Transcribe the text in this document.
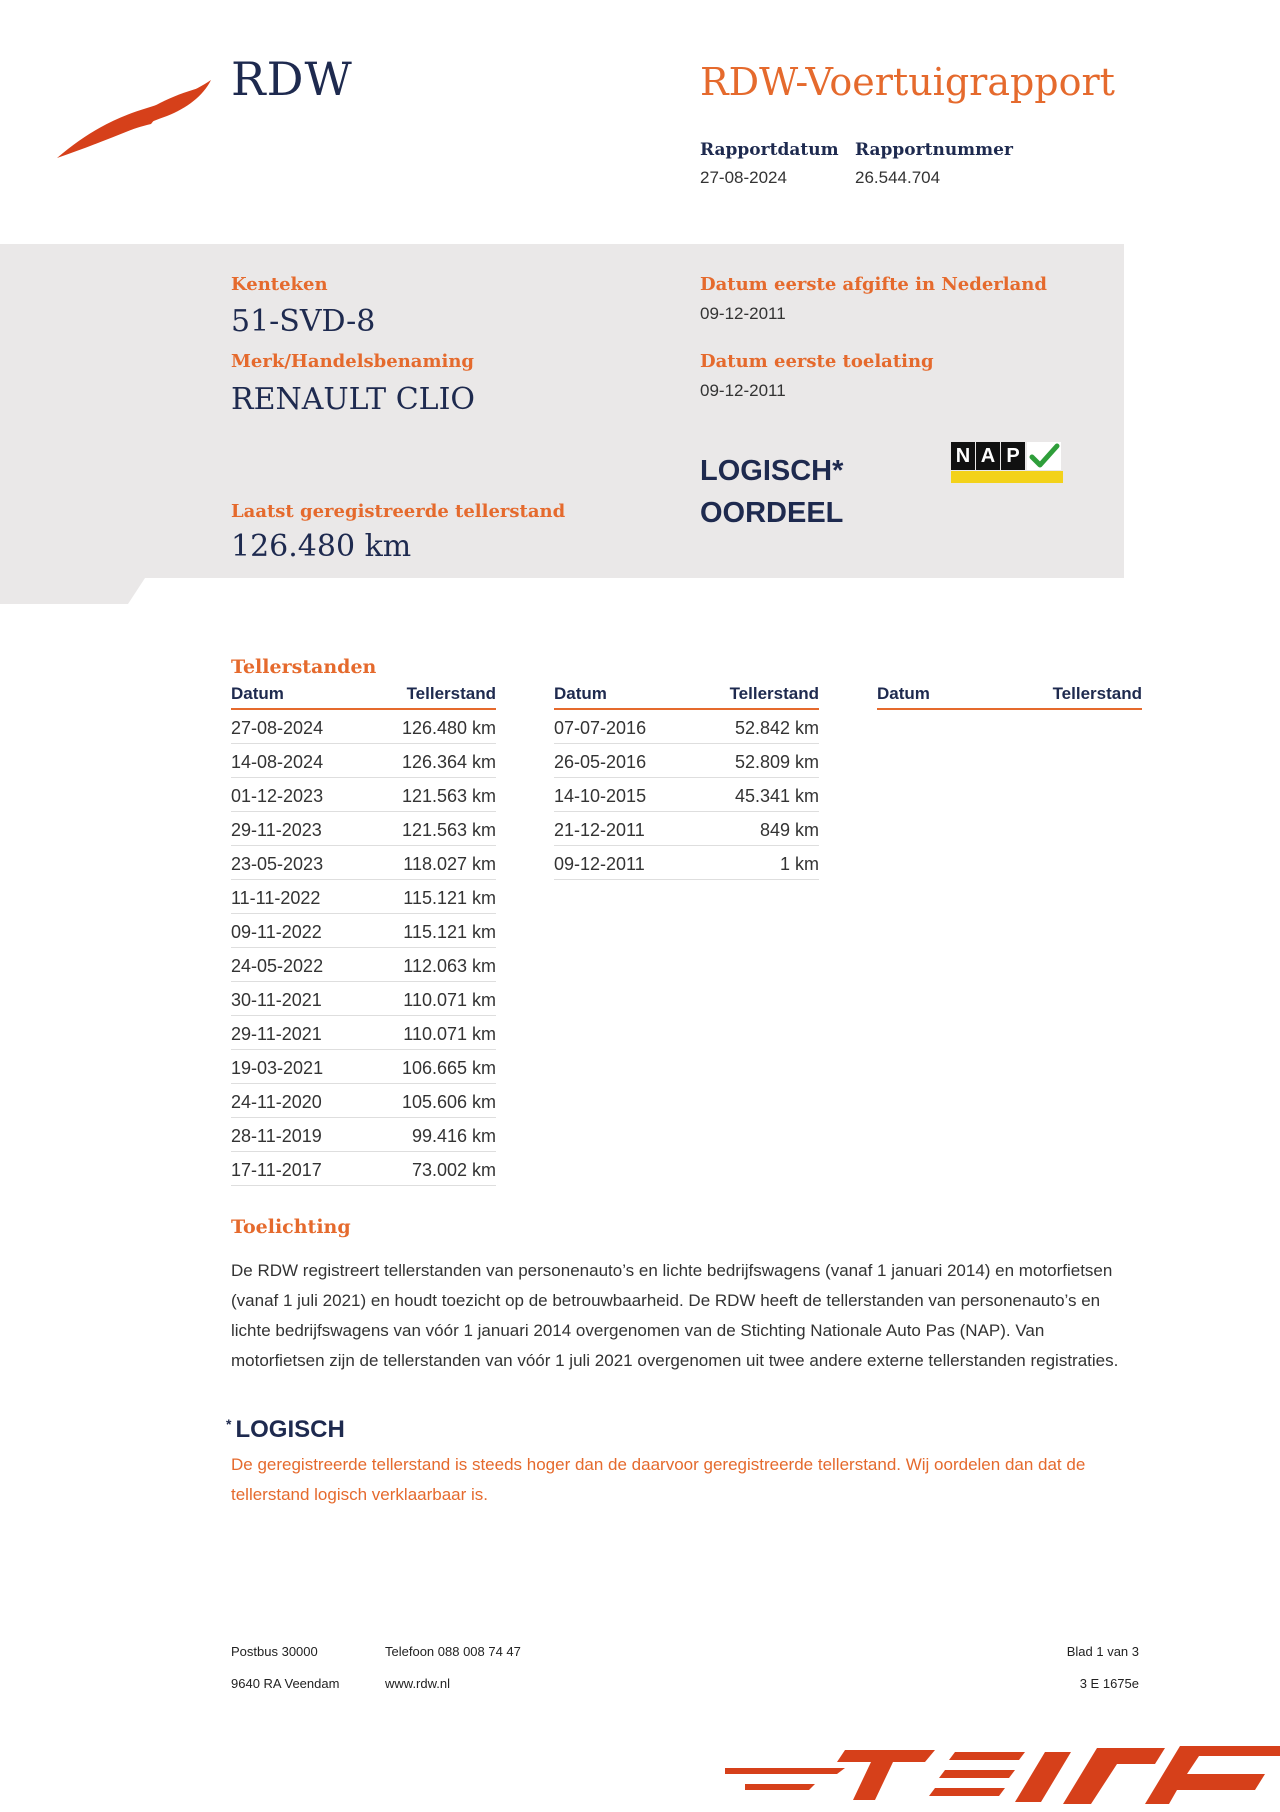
RDW	RDW-Voertuigrapport
Rapportdatum
27-08-2024
Rapportnummer
26.544.704
Kenteken
51-SVD-8
Merk/Handelsbenaming
RENAULT CLIO
Laatst geregistreerde tellerstand
126.480 km
Datum eerste afgifte in Nederland
09-12-2011
Datum eerste toelating
09-12-2011
LOGISCH*
OORDEEL
N A P
Tellerstanden
Datum	Tellerstand
27-08-2024	126.480 km
14-08-2024	126.364 km
01-12-2023	121.563 km
29-11-2023	121.563 km
23-05-2023	118.027 km
11-11-2022	115.121 km
09-11-2022	115.121 km
24-05-2022	112.063 km
30-11-2021	110.071 km
29-11-2021	110.071 km
19-03-2021	106.665 km
24-11-2020	105.606 km
28-11-2019	99.416 km
17-11-2017	73.002 km
Datum	Tellerstand
07-07-2016	52.842 km
26-05-2016	52.809 km
14-10-2015	45.341 km
21-12-2011	849 km
09-12-2011	1 km
Datum	Tellerstand
Toelichting
De RDW registreert tellerstanden van personenauto’s en lichte bedrijfswagens (vanaf 1 januari 2014) en motorfietsen (vanaf 1 juli 2021) en houdt toezicht op de betrouwbaarheid. De RDW heeft de tellerstanden van personenauto’s en lichte bedrijfswagens van vóór 1 januari 2014 overgenomen van de Stichting Nationale Auto Pas (NAP). Van motorfietsen zijn de tellerstanden van vóór 1 juli 2021 overgenomen uit twee andere externe tellerstanden registraties.
* LOGISCH
De geregistreerde tellerstand is steeds hoger dan de daarvoor geregistreerde tellerstand. Wij oordelen dan dat de tellerstand logisch verklaarbaar is.
Postbus 30000
9640 RA Veendam
Telefoon 088 008 74 47
www.rdw.nl
Blad 1 van 3
3 E 1675e
